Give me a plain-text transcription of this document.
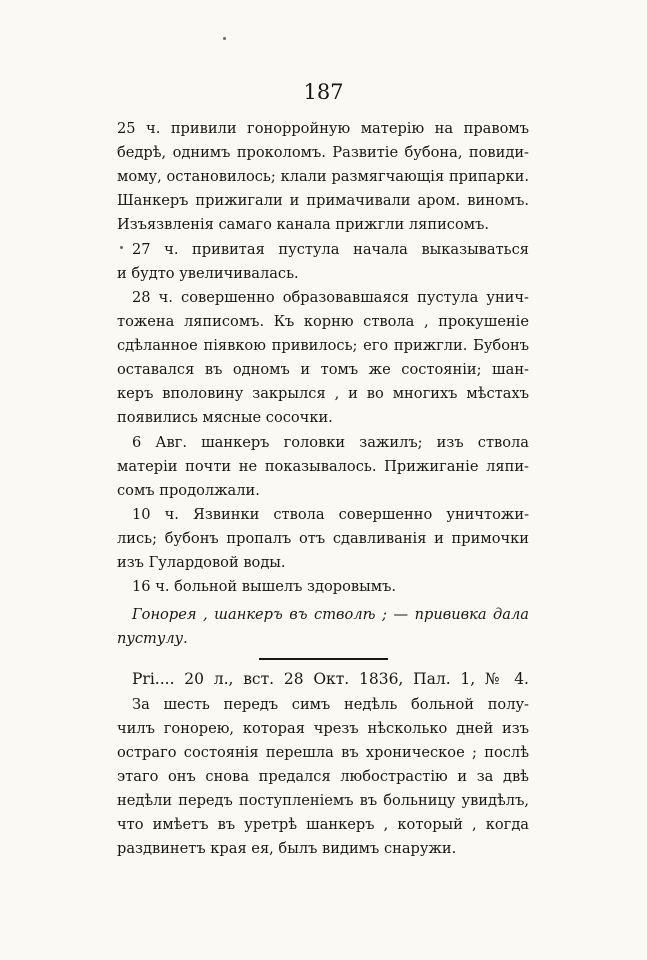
187
25 ч. привили гонорройную матерію на правомъ
бедрѣ, однимъ проколомъ. Развитіе бубона, повиди-
мому, остановилось; клали размягчающія припарки.
Шанкеръ прижигали и примачивали аром. виномъ.
Изъязвленія самаго канала прижгли ляписомъ.
27 ч. привитая пустула начала выказываться
и будто увеличивалась.
28 ч. совершенно образовавшаяся пустула унич-
тожена ляписомъ. Къ корню ствола , прокушеніе
сдѣланное піявкою привилось; его прижгли. Бубонъ
оставался въ одномъ и томъ же состояніи; шан-
керъ вполовину закрылся , и во многихъ мѣстахъ
появились мясные сосочки.
6 Авг. шанкеръ головки зажилъ; изъ ствола
матеріи почти не показывалось. Прижиганіе ляпи-
сомъ продолжали.
10 ч. Язвинки ствола совершенно уничтожи-
лись; бубонъ пропалъ отъ сдавливанія и примочки
изъ Гулардовой воды.
16 ч. больной вышелъ здоровымъ.
Гонорея , шанкеръ въ стволѣ ; — прививка дала
пустулу.
Pri.... 20 л., вст. 28 Окт. 1836, Пал. 1, № 4.
За шесть передъ симъ недѣль больной полу-
чилъ гонорею, которая чрезъ нѣсколько дней изъ
остраго состоянія перешла въ хроническое ; послѣ
этаго онъ снова предался любострастію и за двѣ
недѣли передъ поступленіемъ въ больницу увидѣлъ,
что имѣетъ въ урeтрѣ шанкеръ , который , когда
раздвинетъ края ея, былъ видимъ снаружи.
